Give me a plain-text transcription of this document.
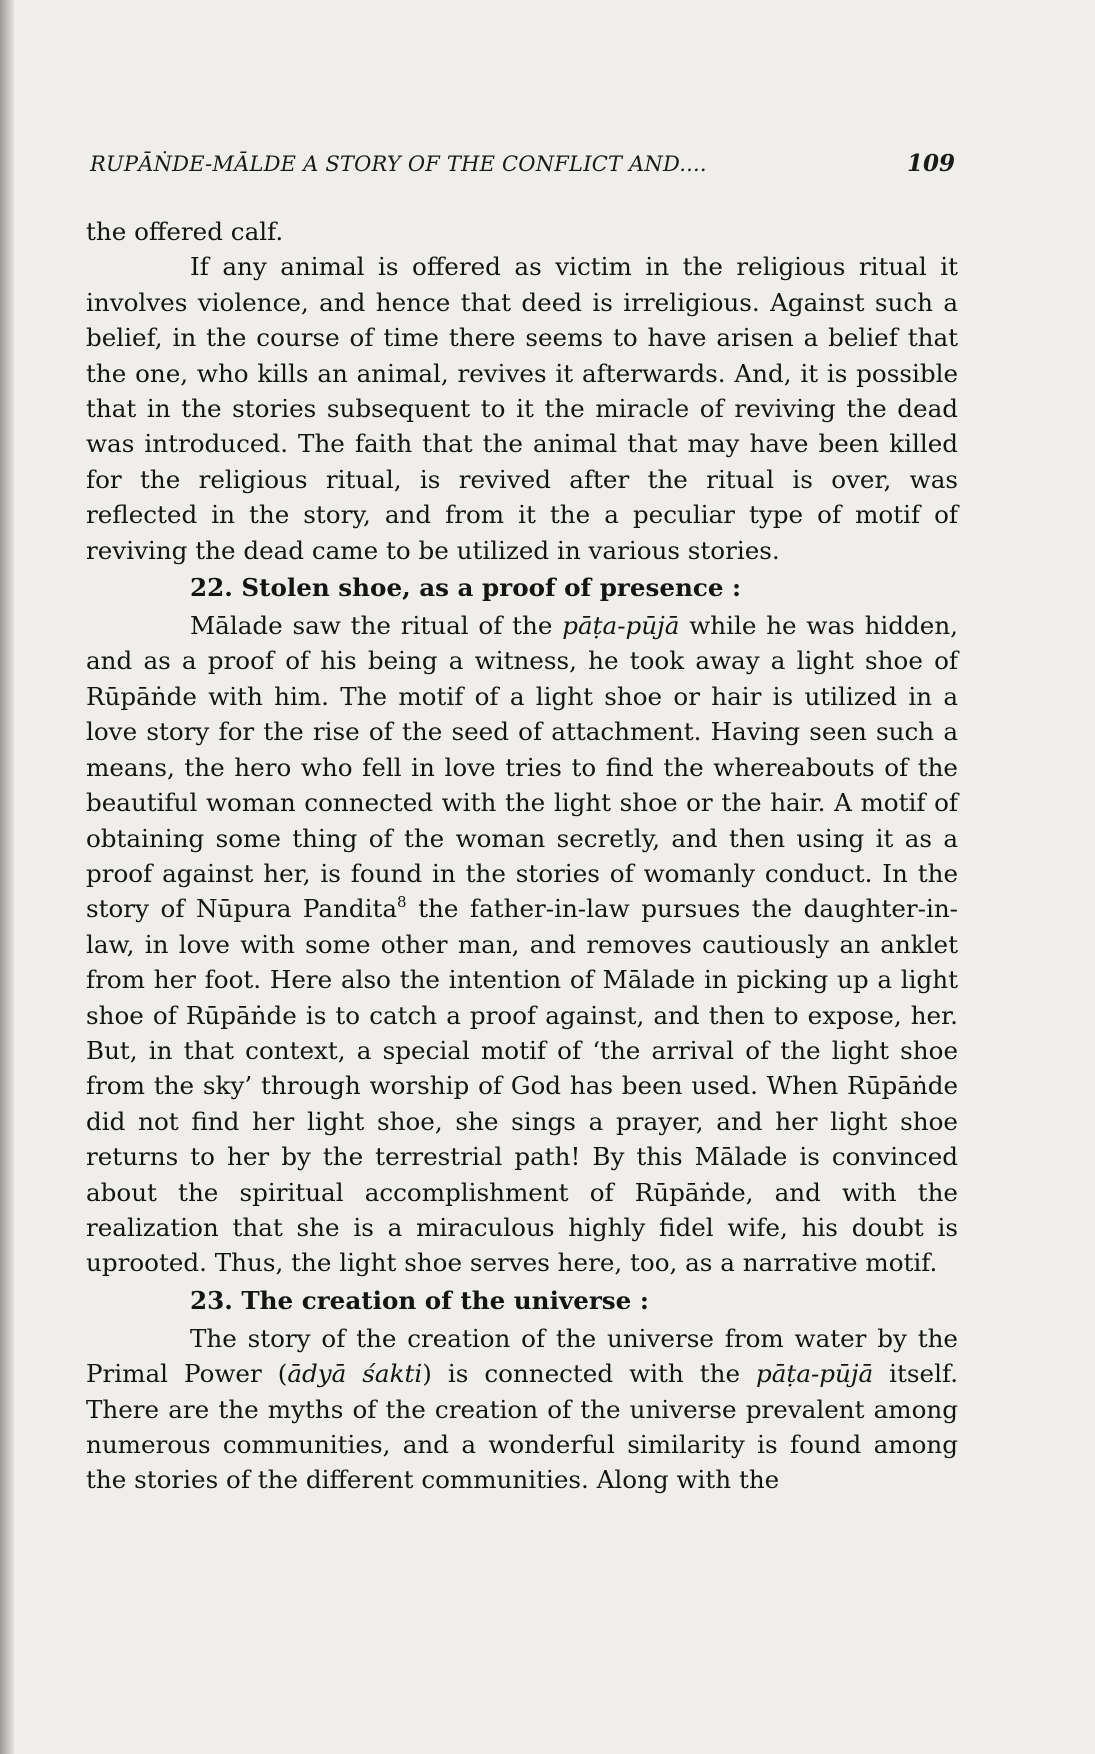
RUPĀṄDE-MĀLDE A STORY OF THE CONFLICT AND....	109

the offered calf.

If any animal is offered as victim in the religious ritual it involves violence, and hence that deed is irreligious. Against such a belief, in the course of time there seems to have arisen a belief that the one, who kills an animal, revives it afterwards. And, it is possible that in the stories subsequent to it the miracle of reviving the dead was introduced. The faith that the animal that may have been killed for the religious ritual, is revived after the ritual is over, was reflected in the story, and from it the a peculiar type of motif of reviving the dead came to be utilized in various stories.

22. Stolen shoe, as a proof of presence :

Mālade saw the ritual of the pāṭa-pūjā while he was hidden, and as a proof of his being a witness, he took away a light shoe of Rūpāṅde with him. The motif of a light shoe or hair is utilized in a love story for the rise of the seed of attachment. Having seen such a means, the hero who fell in love tries to find the whereabouts of the beautiful woman connected with the light shoe or the hair. A motif of obtaining some thing of the woman secretly, and then using it as a proof against her, is found in the stories of womanly conduct. In the story of Nūpura Pandita$^8$ the father-in-law pursues the daughter-in-law, in love with some other man, and removes cautiously an anklet from her foot. Here also the intention of Mālade in picking up a light shoe of Rūpāṅde is to catch a proof against, and then to expose, her. But, in that context, a special motif of ‘the arrival of the light shoe from the sky’ through worship of God has been used. When Rūpāṅde did not find her light shoe, she sings a prayer, and her light shoe returns to her by the terrestrial path! By this Mālade is convinced about the spiritual accomplishment of Rūpāṅde, and with the realization that she is a miraculous highly fidel wife, his doubt is uprooted. Thus, the light shoe serves here, too, as a narrative motif.

23. The creation of the universe :

The story of the creation of the universe from water by the Primal Power (ādyā śakti) is connected with the pāṭa-pūjā itself. There are the myths of the creation of the universe prevalent among numerous communities, and a wonderful similarity is found among the stories of the different communities. Along with the
